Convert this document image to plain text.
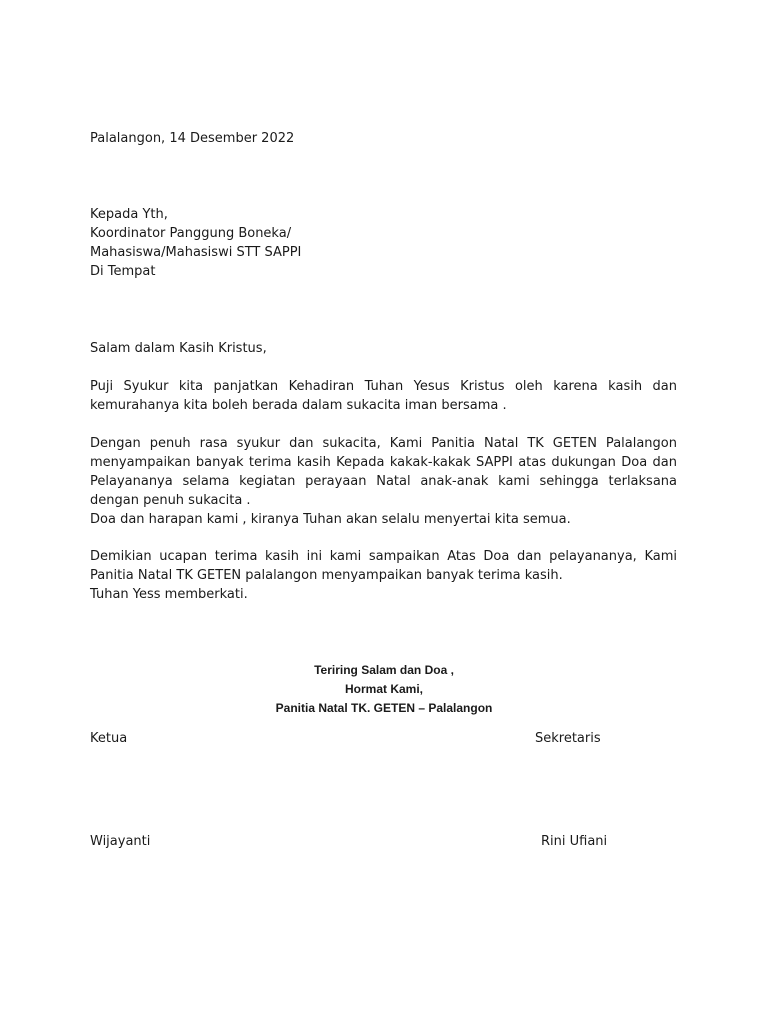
Palalangon, 14 Desember 2022

Kepada Yth,
Koordinator Panggung Boneka/
Mahasiswa/Mahasiswi STT SAPPI
Di Tempat

Salam dalam Kasih Kristus,

Puji Syukur kita panjatkan Kehadiran Tuhan Yesus Kristus oleh karena kasih dan kemurahanya kita boleh berada dalam sukacita iman bersama .

Dengan penuh rasa syukur dan sukacita, Kami Panitia Natal TK GETEN Palalangon menyampaikan banyak terima kasih Kepada kakak-kakak SAPPI atas dukungan Doa dan Pelayananya selama kegiatan perayaan Natal anak-anak kami sehingga terlaksana dengan penuh sukacita .

Doa dan harapan kami , kiranya Tuhan akan selalu menyertai kita semua.

Demikian ucapan terima kasih ini kami sampaikan Atas Doa dan pelayananya, Kami Panitia Natal TK GETEN palalangon menyampaikan banyak terima kasih.

Tuhan Yess memberkati.

Teriring Salam dan Doa ,
Hormat Kami,
Panitia Natal TK. GETEN – Palalangon
Ketua	Sekretaris
Wijayanti	Rini Ufiani
